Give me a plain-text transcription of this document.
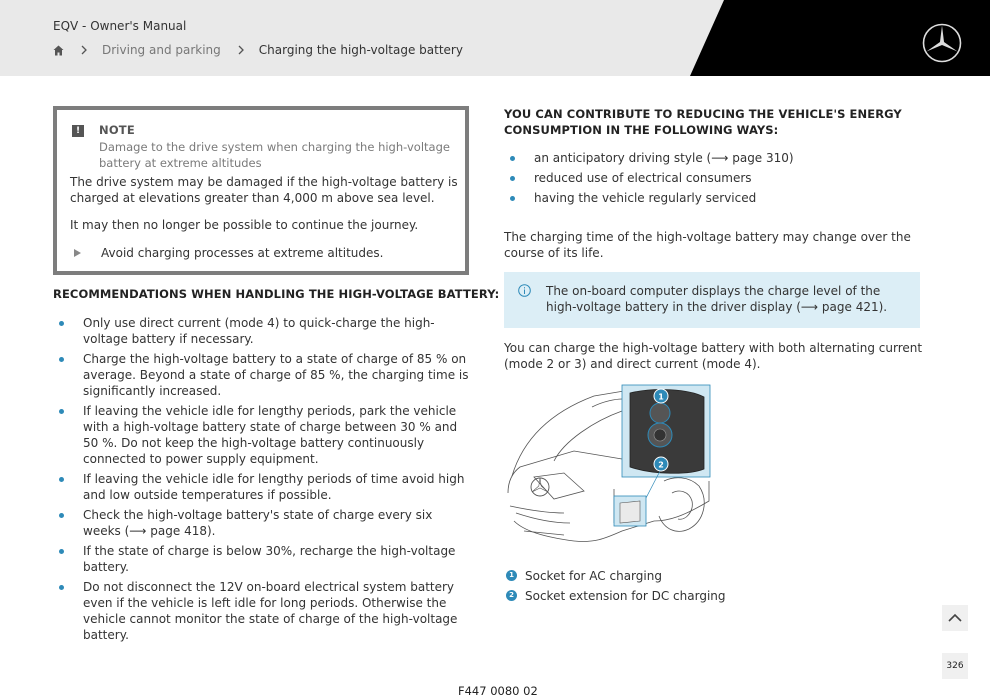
EQV - Owner's Manual
Driving and parking	Charging the high-voltage battery
!	NOTE
Damage to the drive system when charging the high-voltage battery at extreme altitudes
The drive system may be damaged if the high-voltage battery is charged at elevations greater than 4,000 m above sea level.
It may then no longer be possible to continue the journey.
Avoid charging processes at extreme altitudes.
RECOMMENDATIONS WHEN HANDLING THE HIGH-VOLTAGE BATTERY:
Only use direct current (mode 4) to quick-charge the high-voltage battery if necessary.
Charge the high-voltage battery to a state of charge of 85 % on average. Beyond a state of charge of 85 %, the charging time is significantly increased.
If leaving the vehicle idle for lengthy periods, park the vehicle with a high-voltage battery state of charge between 30 % and 50 %. Do not keep the high-voltage battery continuously connected to power supply equipment.
If leaving the vehicle idle for lengthy periods of time avoid high and low outside temperatures if possible.
Check the high-voltage battery's state of charge every six weeks (⟶ page 418).
If the state of charge is below 30%, recharge the high-voltage battery.
Do not disconnect the 12V on-board electrical system battery even if the vehicle is left idle for long periods. Otherwise the vehicle cannot monitor the state of charge of the high-voltage battery.
YOU CAN CONTRIBUTE TO REDUCING THE VEHICLE'S ENERGY CONSUMPTION IN THE FOLLOWING WAYS:
an anticipatory driving style (⟶ page 310)
reduced use of electrical consumers
having the vehicle regularly serviced
The charging time of the high-voltage battery may change over the course of its life.
The on-board computer displays the charge level of the high-voltage battery in the driver display (⟶ page 421).
You can charge the high-voltage battery with both alternating current (mode 2 or 3) and direct current (mode 4).
1
2
1 Socket for AC charging
2 Socket extension for DC charging
326
F447 0080 02
